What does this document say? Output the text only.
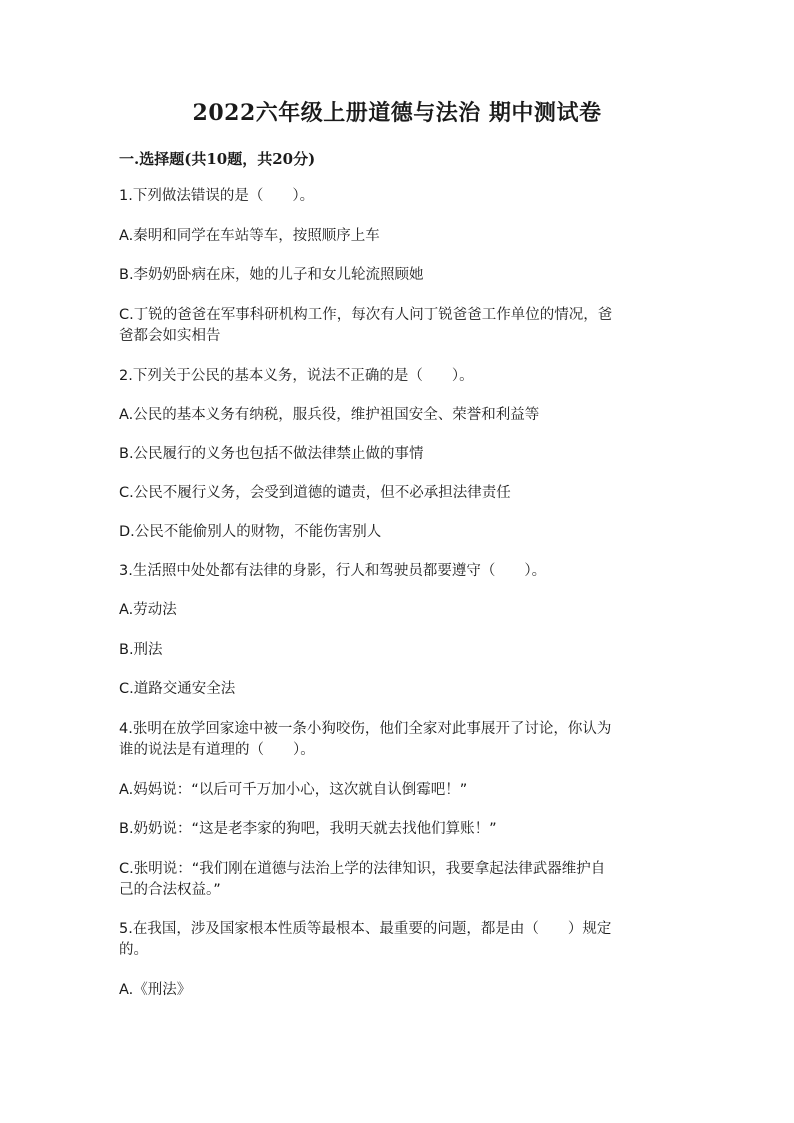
2022六年级上册道德与法治 期中测试卷
一.选择题(共10题，共20分)
1.下列做法错误的是（　　）。
A.秦明和同学在车站等车，按照顺序上车
B.李奶奶卧病在床，她的儿子和女儿轮流照顾她
C.丁锐的爸爸在军事科研机构工作，每次有人问丁锐爸爸工作单位的情况，爸
爸都会如实相告
2.下列关于公民的基本义务，说法不正确的是（　　）。
A.公民的基本义务有纳税，服兵役，维护祖国安全、荣誉和利益等
B.公民履行的义务也包括不做法律禁止做的事情
C.公民不履行义务，会受到道德的谴责，但不必承担法律责任
D.公民不能偷别人的财物，不能伤害别人
3.生活照中处处都有法律的身影，行人和驾驶员都要遵守（　　）。
A.劳动法
B.刑法
C.道路交通安全法
4.张明在放学回家途中被一条小狗咬伤，他们全家对此事展开了讨论，你认为
谁的说法是有道理的（　　）。
A.妈妈说：“以后可千万加小心，这次就自认倒霉吧！”
B.奶奶说：“这是老李家的狗吧，我明天就去找他们算账！”
C.张明说：“我们刚在道德与法治上学的法律知识，我要拿起法律武器维护自
己的合法权益。”
5.在我国，涉及国家根本性质等最根本、最重要的问题，都是由（　　）规定
的。
A.《刑法》
